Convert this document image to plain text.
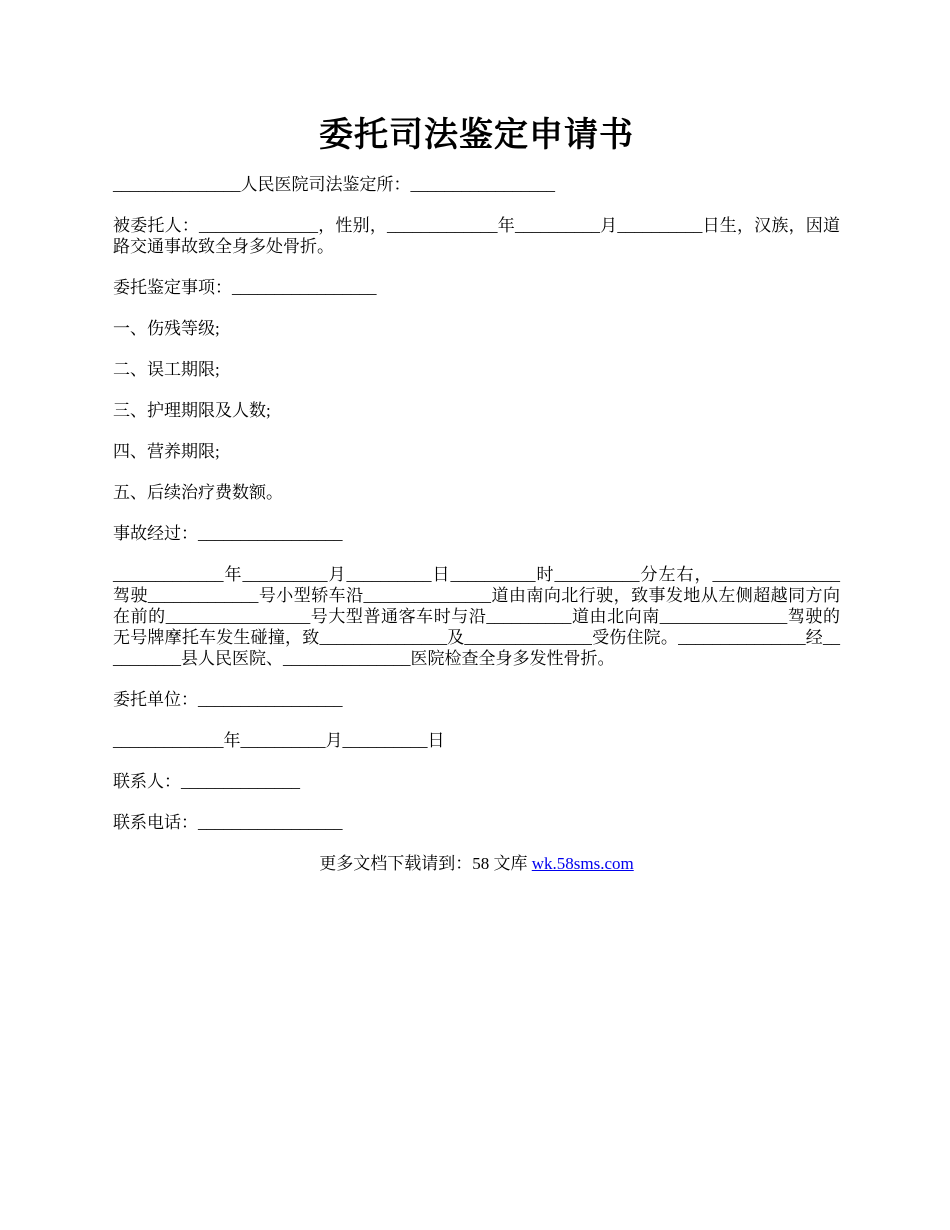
委托司法鉴定申请书

_______________人民医院司法鉴定所：_________________

被委托人：______________，性别，_____________年__________月__________日生，汉族，因道路交通事故致全身多处骨折。

委托鉴定事项：_________________

一、伤残等级;

二、误工期限;

三、护理期限及人数;

四、营养期限;

五、后续治疗费数额。

事故经过：_________________

_____________年__________月__________日__________时__________分左右，_______________驾驶_____________号小型轿车沿_______________道由南向北行驶，致事发地从左侧超越同方向在前的_________________号大型普通客车时与沿__________道由北向南_______________驾驶的无号牌摩托车发生碰撞，致_______________及_______________受伤住院。_______________经__________县人民医院、_______________医院检查全身多发性骨折。

委托单位：_________________

_____________年__________月__________日

联系人：______________

联系电话：_________________

更多文档下载请到：58 文库 wk.58sms.com
